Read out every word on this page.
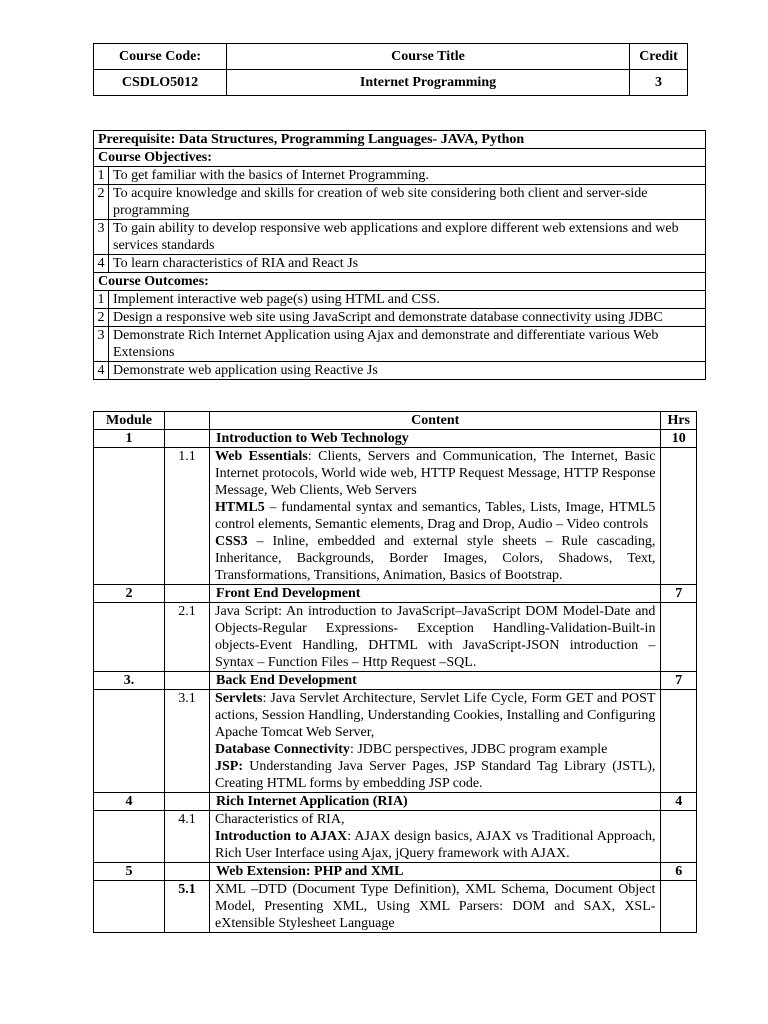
Course Code:	Course Title	Credit
CSDLO5012	Internet Programming	3
Prerequisite: Data Structures, Programming Languages- JAVA, Python	
Course Objectives:	
1	To get familiar with the basics of Internet Programming.
2	To acquire knowledge and skills for creation of web site considering both client and server-side programming
3	To gain ability to develop responsive web applications and explore different web extensions and web services standards
4	To learn characteristics of RIA and React Js
Course Outcomes:	
1	Implement interactive web page(s) using HTML and CSS.
2	Design a responsive web site using JavaScript and demonstrate database connectivity using JDBC
3	Demonstrate Rich Internet Application using Ajax and demonstrate and differentiate various Web Extensions
4	Demonstrate web application using Reactive Js
Module		Content	Hrs
1		Introduction to Web Technology	10
	1.1	Web Essentials: Clients, Servers and Communication, The Internet, Basic Internet protocols, World wide web, HTTP Request Message, HTTP Response Message, Web Clients, Web Servers

HTML5 – fundamental syntax and semantics, Tables, Lists, Image, HTML5 control elements, Semantic elements, Drag and Drop, Audio – Video controls

CSS3 – Inline, embedded and external style sheets – Rule cascading, Inheritance, Backgrounds, Border Images, Colors, Shadows, Text, Transformations, Transitions, Animation, Basics of Bootstrap.	

2		Front End Development	7
	2.1	Java Script: An introduction to JavaScript–JavaScript DOM Model-Date and Objects-Regular Expressions- Exception Handling-Validation-Built-in objects-Event Handling, DHTML with JavaScript-JSON introduction – Syntax – Function Files – Http Request –SQL.	

3.		Back End Development	7
	3.1	Servlets: Java Servlet Architecture, Servlet Life Cycle, Form GET and POST actions, Session Handling, Understanding Cookies, Installing and Configuring Apache Tomcat Web Server,

Database Connectivity: JDBC perspectives, JDBC program example

JSP: Understanding Java Server Pages, JSP Standard Tag Library (JSTL), Creating HTML forms by embedding JSP code.	

4		Rich Internet Application (RIA)	4
	4.1	Characteristics of RIA,

Introduction to AJAX: AJAX design basics, AJAX vs Traditional Approach, Rich User Interface using Ajax, jQuery framework with AJAX.	

5		Web Extension: PHP and XML	6
	5.1	XML –DTD (Document Type Definition), XML Schema, Document Object Model, Presenting XML, Using XML Parsers: DOM and SAX, XSL-eXtensible Stylesheet Language	
